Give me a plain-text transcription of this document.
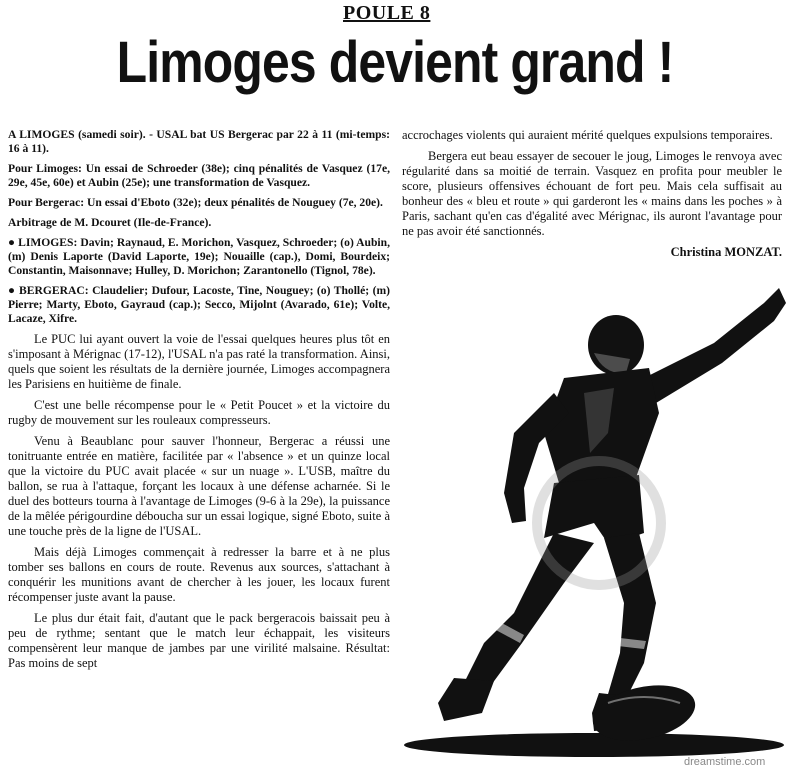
POULE 8
Limoges devient grand !

A LIMOGES (samedi soir). - USAL bat US Bergerac par 22 à 11 (mi-temps: 16 à 11).

Pour Limoges: Un essai de Schroeder (38e); cinq pénalités de Vasquez (17e, 29e, 45e, 60e) et Aubin (25e); une transformation de Vasquez.

Pour Bergerac: Un essai d'Eboto (32e); deux pénalités de Nouguey (7e, 20e).

Arbitrage de M. Dcouret (Ile-de-France).

● LIMOGES: Davin; Raynaud, E. Morichon, Vasquez, Schroeder; (o) Aubin, (m) Denis Laporte (David Laporte, 19e); Nouaille (cap.), Domi, Bourdeix; Constantin, Maisonnave; Hulley, D. Morichon; Zarantonello (Tignol, 78e).

● BERGERAC: Claudelier; Dufour, Lacoste, Tine, Nouguey; (o) Thollé; (m) Pierre; Marty, Eboto, Gayraud (cap.); Secco, Mijolnt (Avarado, 61e); Volte, Lacaze, Xifre.

Le PUC lui ayant ouvert la voie de l'essai quelques heures plus tôt en s'imposant à Mérignac (17-12), l'USAL n'a pas raté la transformation. Ainsi, quels que soient les résultats de la dernière journée, Limoges accompagnera les Parisiens en huitième de finale.

C'est une belle récompense pour le « Petit Poucet » et la victoire du rugby de mouvement sur les rouleaux compresseurs.

Venu à Beaublanc pour sauver l'honneur, Bergerac a réussi une tonitruante entrée en matière, facilitée par « l'absence » et un quinze local que la victoire du PUC avait placée « sur un nuage ». L'USB, maître du ballon, se rua à l'attaque, forçant les locaux à une défense acharnée. Si le duel des botteurs tourna à l'avantage de Limoges (9-6 à la 29e), la puissance de la mêlée périgourdine déboucha sur un essai logique, signé Eboto, suite à une touche près de la ligne de l'USAL.

Mais déjà Limoges commençait à redresser la barre et à ne plus tomber ses ballons en cours de route. Revenus aux sources, s'attachant à conquérir les munitions avant de chercher à les jouer, les locaux furent récompenser juste avant la pause.

Le plus dur était fait, d'autant que le pack bergeracois baissait peu à peu de rythme; sentant que le match leur échappait, les visiteurs compensèrent leur manque de jambes par une virilité malsaine. Résultat: Pas moins de sept

accrochages violents qui auraient mérité quelques expulsions temporaires.

Bergera eut beau essayer de secouer le joug, Limoges le renvoya avec régularité dans sa moitié de terrain. Vasquez en profita pour meubler le score, plusieurs offensives échouant de fort peu. Mais cela suffisait au bonheur des « bleu et route » qui garderont les « mains dans les poches » à Paris, sachant qu'en cas d'égalité avec Mérignac, ils auront l'avantage pour ne pas avoir été sanctionnés.

Christina MONZAT.
dreamstime.com
